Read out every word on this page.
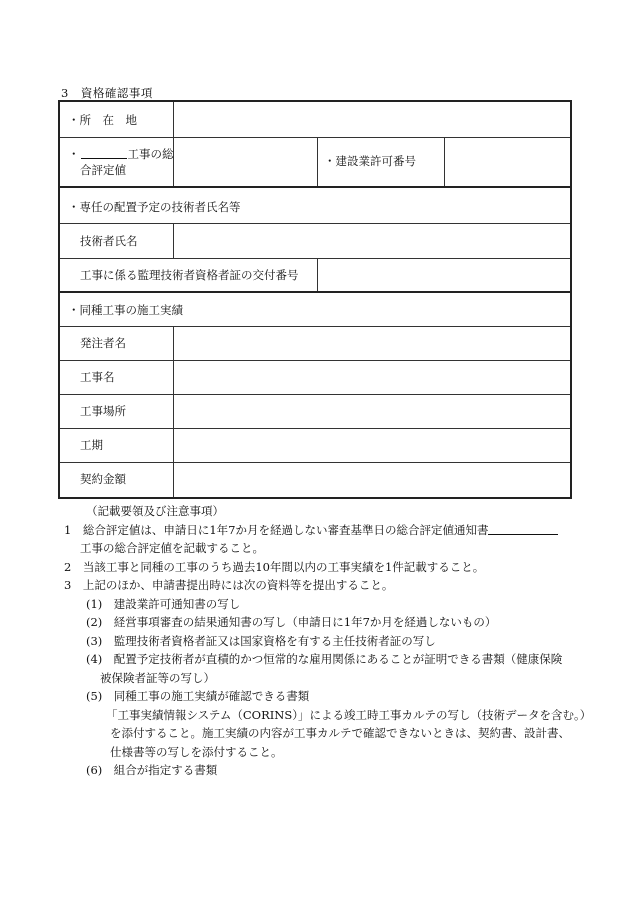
3　資格確認事項
・所　在　地
・	工事の総
合評定値
・建設業許可番号
・専任の配置予定の技術者氏名等
技術者氏名
工事に係る監理技術者資格者証の交付番号
・同種工事の施工実績
発注者名
工事名
工事場所
工期
契約金額
（記載要領及び注意事項）
1　総合評定値は、申請日に1年7か月を経過しない審査基準日の総合評定値通知書
工事の総合評定値を記載すること。
2　当該工事と同種の工事のうち過去10年間以内の工事実績を1件記載すること。
3　上記のほか、申請書提出時には次の資料等を提出すること。
(1)　建設業許可通知書の写し
(2)　経営事項審査の結果通知書の写し（申請日に1年7か月を経過しないもの）
(3)　監理技術者資格者証又は国家資格を有する主任技術者証の写し
(4)　配置予定技術者が直積的かつ恒常的な雇用関係にあることが証明できる書類（健康保険
被保険者証等の写し）
(5)　同種工事の施工実績が確認できる書類
「工事実績情報システム（CORINS）」による竣工時工事カルテの写し（技術データを含む。）
を添付すること。施工実績の内容が工事カルテで確認できないときは、契約書、設計書、
仕様書等の写しを添付すること。
(6)　組合が指定する書類
